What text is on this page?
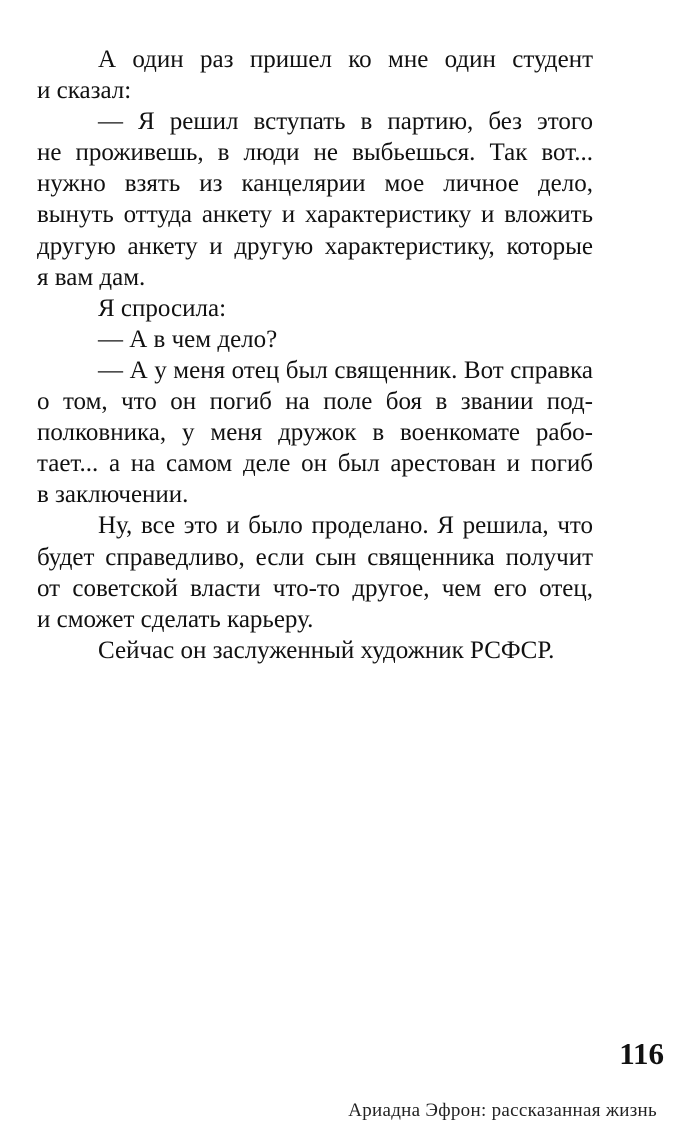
А один раз пришел ко мне один студент
и сказал:
— Я решил вступать в партию, без этого
не проживешь, в люди не выбьешься. Так вот...
нужно взять из канцелярии мое личное дело,
вынуть оттуда анкету и характеристику и вложить
другую анкету и другую характеристику, которые
я вам дам.
Я спросила:
— А в чем дело?
— А у меня отец был священник. Вот справка
о том, что он погиб на поле боя в звании под-
полковника, у меня дружок в военкомате рабо-
тает... а на самом деле он был арестован и погиб
в заключении.
Ну, все это и было проделано. Я решила, что
будет справедливо, если сын священника получит
от советской власти что-то другое, чем его отец,
и сможет сделать карьеру.
Сейчас он заслуженный художник РСФСР.
116
Ариадна Эфрон: рассказанная жизнь
